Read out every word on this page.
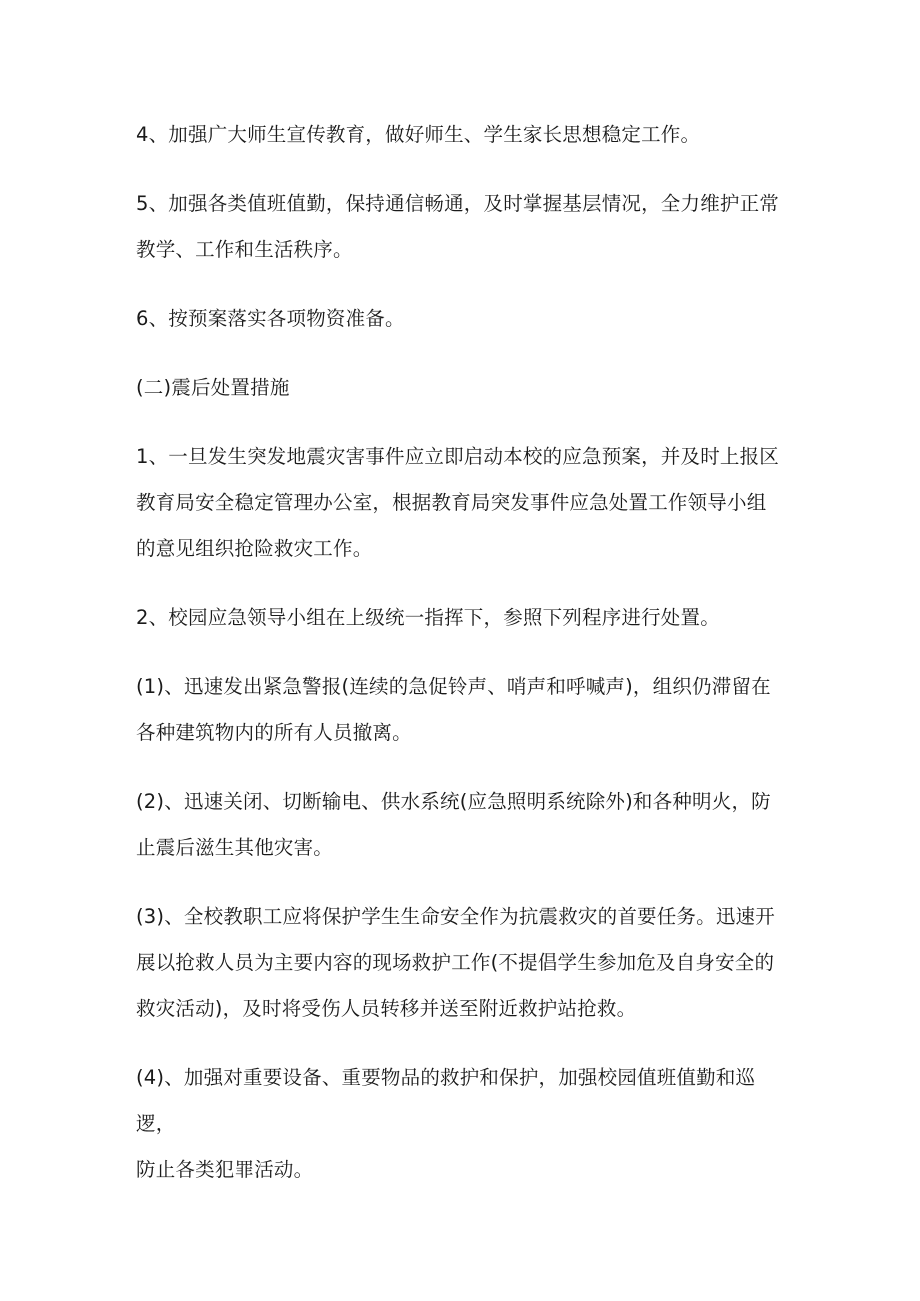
4、加强广大师生宣传教育，做好师生、学生家长思想稳定工作。

5、加强各类值班值勤，保持通信畅通，及时掌握基层情况，全力维护正常
教学、工作和生活秩序。

6、按预案落实各项物资准备。

(二)震后处置措施

1、一旦发生突发地震灾害事件应立即启动本校的应急预案，并及时上报区
教育局安全稳定管理办公室，根据教育局突发事件应急处置工作领导小组
的意见组织抢险救灾工作。

2、校园应急领导小组在上级统一指挥下，参照下列程序进行处置。

(1)、迅速发出紧急警报(连续的急促铃声、哨声和呼喊声)，组织仍滞留在
各种建筑物内的所有人员撤离。

(2)、迅速关闭、切断输电、供水系统(应急照明系统除外)和各种明火，防
止震后滋生其他灾害。

(3)、全校教职工应将保护学生生命安全作为抗震救灾的首要任务。迅速开
展以抢救人员为主要内容的现场救护工作(不提倡学生参加危及自身安全的
救灾活动)，及时将受伤人员转移并送至附近救护站抢救。

(4)、加强对重要设备、重要物品的救护和保护，加强校园值班值勤和巡逻，
防止各类犯罪活动。
